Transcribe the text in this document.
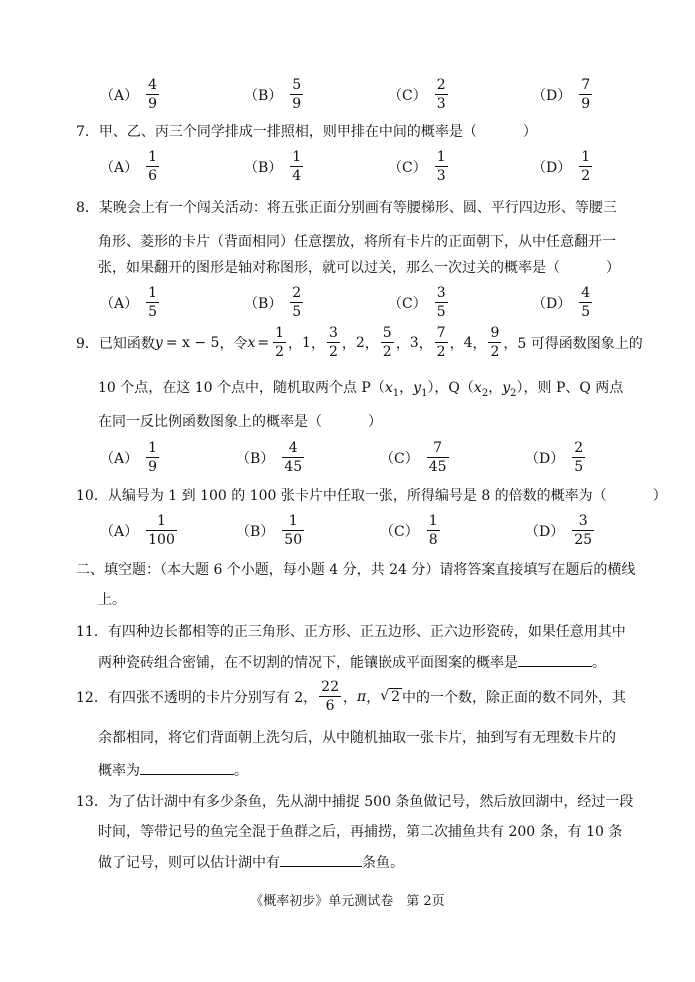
$(A) \frac{4}{9}$	$(B) \frac{5}{9}$	$(C) \frac{2}{3}$	$(D) \frac{7}{9}$
7．甲、乙、丙三个同学排成一排照相，则甲排在中间的概率是（	）
$(A) \frac{1}{6}$	$(B) \frac{1}{4}$	$(C) \frac{1}{3}$	$(D) \frac{1}{2}$
8．某晚会上有一个闯关活动：将五张正面分别画有等腰梯形、圆、平行四边形、等腰三
角形、菱形的卡片（背面相同）任意摆放，将所有卡片的正面朝下，从中任意翻开一
张，如果翻开的图形是轴对称图形，就可以过关，那么一次过关的概率是（	）
$(A) \frac{1}{5}$	$(B) \frac{2}{5}$	$(C) \frac{3}{5}$	$(D) \frac{4}{5}$
9．已知函数 y = x − 5 ，令 $x = \frac{1}{2}$ ， 1 ， $\frac{3}{2}$ ， 2 ， $\frac{5}{2}$ ， 3 ， $\frac{7}{2}$ ， 4 ， $\frac{9}{2}$ ，5 可得函数图象上的
10 个点，在这 10 个点中，随机取两个点 $P(x_1$，$y_1$），$Q(x_2$，$y_2$），则 P、Q 两点
在同一反比例函数图象上的概率是（	）
$(A) \frac{1}{9}$	$(B) \frac{4}{45}$	$(C) \frac{7}{45}$	$(D) \frac{2}{5}$
10．从编号为 1 到 100 的 100 张卡片中任取一张，所得编号是 8 的倍数的概率为（	）
$(A) \frac{1}{100}$	$(B) \frac{1}{50}$	$(C) \frac{1}{8}$	$(D) \frac{3}{25}$
二、填空题：（本大题 6 个小题，每小题 4 分，共 24 分）请将答案直接填写在题后的横线
上。
11．有四种边长都相等的正三角形、正方形、正五边形、正六边形瓷砖，如果任意用其中
两种瓷砖组合密铺，在不切割的情况下，能镶嵌成平面图案的概率是	。
12．有四张不透明的卡片分别写有 2， $\frac{22}{6}$ ， π ， √ 2 中的一个数，除正面的数不同外，其
余都相同，将它们背面朝上洗匀后，从中随机抽取一张卡片，抽到写有无理数卡片的
概率为	。
13．为了估计湖中有多少条鱼，先从湖中捕捉 500 条鱼做记号，然后放回湖中，经过一段
时间，等带记号的鱼完全混于鱼群之后，再捕捞，第二次捕鱼共有 200 条，有 10 条
做了记号，则可以估计湖中有	条鱼。
《概率初步》单元测试卷　第 2页
